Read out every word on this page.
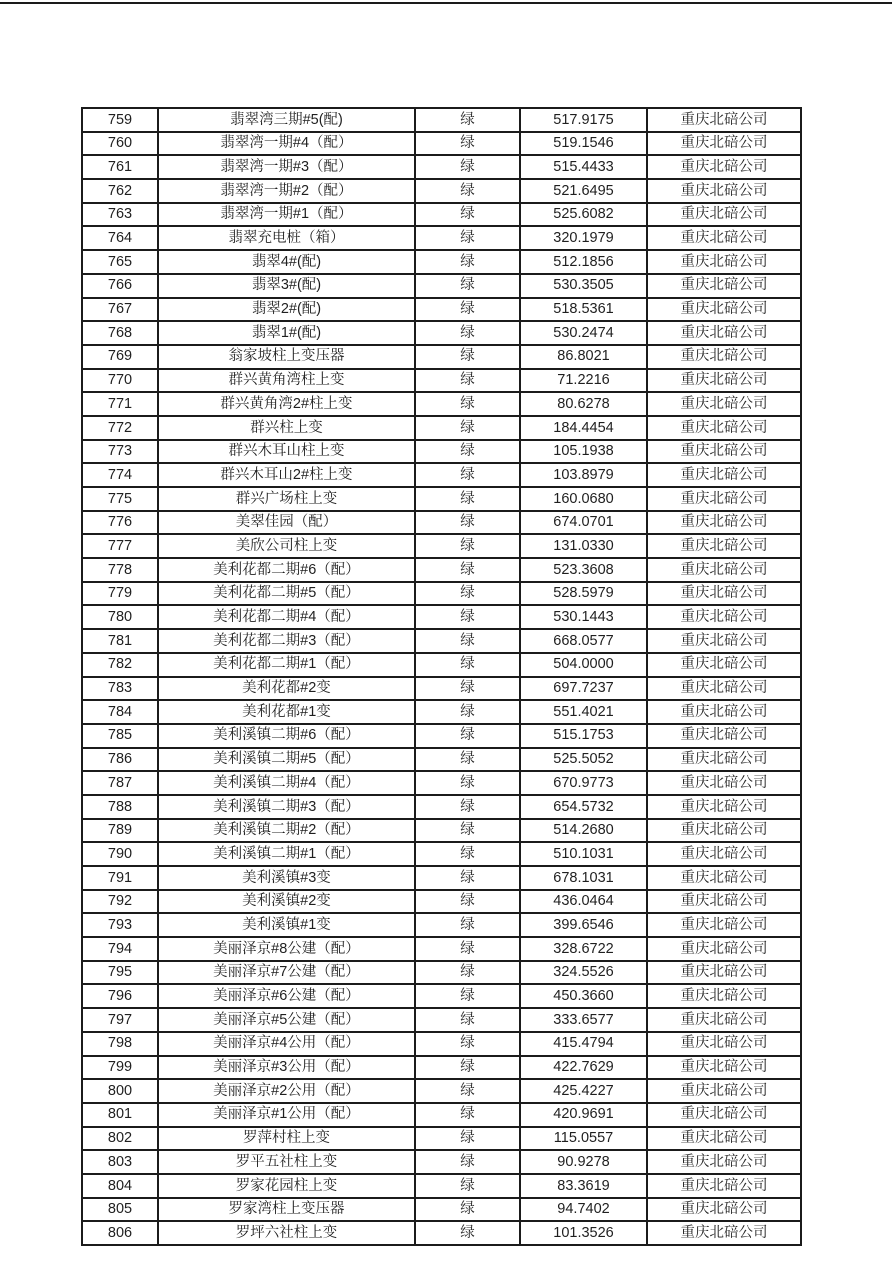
759	翡翠湾三期#5(配)	绿	517.9175	重庆北碚公司
760	翡翠湾一期#4（配）	绿	519.1546	重庆北碚公司
761	翡翠湾一期#3（配）	绿	515.4433	重庆北碚公司
762	翡翠湾一期#2（配）	绿	521.6495	重庆北碚公司
763	翡翠湾一期#1（配）	绿	525.6082	重庆北碚公司
764	翡翠充电桩（箱）	绿	320.1979	重庆北碚公司
765	翡翠4#(配)	绿	512.1856	重庆北碚公司
766	翡翠3#(配)	绿	530.3505	重庆北碚公司
767	翡翠2#(配)	绿	518.5361	重庆北碚公司
768	翡翠1#(配)	绿	530.2474	重庆北碚公司
769	翁家坡柱上变压器	绿	86.8021	重庆北碚公司
770	群兴黄角湾柱上变	绿	71.2216	重庆北碚公司
771	群兴黄角湾2#柱上变	绿	80.6278	重庆北碚公司
772	群兴柱上变	绿	184.4454	重庆北碚公司
773	群兴木耳山柱上变	绿	105.1938	重庆北碚公司
774	群兴木耳山2#柱上变	绿	103.8979	重庆北碚公司
775	群兴广场柱上变	绿	160.0680	重庆北碚公司
776	美翠佳园（配）	绿	674.0701	重庆北碚公司
777	美欣公司柱上变	绿	131.0330	重庆北碚公司
778	美利花都二期#6（配）	绿	523.3608	重庆北碚公司
779	美利花都二期#5（配）	绿	528.5979	重庆北碚公司
780	美利花都二期#4（配）	绿	530.1443	重庆北碚公司
781	美利花都二期#3（配）	绿	668.0577	重庆北碚公司
782	美利花都二期#1（配）	绿	504.0000	重庆北碚公司
783	美利花都#2变	绿	697.7237	重庆北碚公司
784	美利花都#1变	绿	551.4021	重庆北碚公司
785	美利溪镇二期#6（配）	绿	515.1753	重庆北碚公司
786	美利溪镇二期#5（配）	绿	525.5052	重庆北碚公司
787	美利溪镇二期#4（配）	绿	670.9773	重庆北碚公司
788	美利溪镇二期#3（配）	绿	654.5732	重庆北碚公司
789	美利溪镇二期#2（配）	绿	514.2680	重庆北碚公司
790	美利溪镇二期#1（配）	绿	510.1031	重庆北碚公司
791	美利溪镇#3变	绿	678.1031	重庆北碚公司
792	美利溪镇#2变	绿	436.0464	重庆北碚公司
793	美利溪镇#1变	绿	399.6546	重庆北碚公司
794	美丽泽京#8公建（配）	绿	328.6722	重庆北碚公司
795	美丽泽京#7公建（配）	绿	324.5526	重庆北碚公司
796	美丽泽京#6公建（配）	绿	450.3660	重庆北碚公司
797	美丽泽京#5公建（配）	绿	333.6577	重庆北碚公司
798	美丽泽京#4公用（配）	绿	415.4794	重庆北碚公司
799	美丽泽京#3公用（配）	绿	422.7629	重庆北碚公司
800	美丽泽京#2公用（配）	绿	425.4227	重庆北碚公司
801	美丽泽京#1公用（配）	绿	420.9691	重庆北碚公司
802	罗萍村柱上变	绿	115.0557	重庆北碚公司
803	罗平五社柱上变	绿	90.9278	重庆北碚公司
804	罗家花园柱上变	绿	83.3619	重庆北碚公司
805	罗家湾柱上变压器	绿	94.7402	重庆北碚公司
806	罗坪六社柱上变	绿	101.3526	重庆北碚公司
